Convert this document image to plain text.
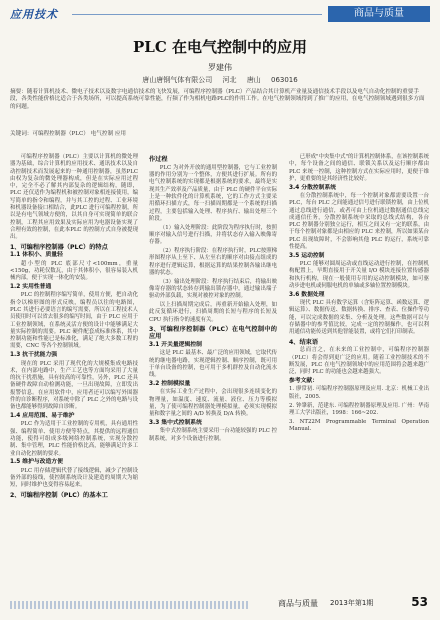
应用技术	商品与质量
PLC 在电气控制中的应用
罗建伟
唐山唐钢气体有限公司 河北 唐山 063016
摘要：随着计算机技术、微电子技术以及数字电通信技术的飞快发展，可编程序控制器（PLC）产品结合其计算机产业量及通信技术手段以及电气自动化控制的重要手段，各类性能价格比适合于各类场所，可以提高系统可靠性能，行频了作为相机电路PLC的作用工作。在电气控制领域得到了推广的应用，在电气控制领域遇到很多方面的问题。
关键词：可编程控制器（PLC） 电气控制 应用

可编程序控制器（PLC）主要以计算机的微处理器为基础，综合计算机的应用技术、通讯技术以及自动控制技术而发展起来的一种通用控制器，虽然PLC由权为复杂的微处理器构成，但是在实际应用过程中，完全不必了解其内部复杂的逻辑结构，随即，PLC 还仅适作为编程机和被控制对象相连接使用，编写简单的指令和编程，并与其工控的过程、工业环境和机器设备接口相结合，此PLC 进行可编程控制，所以是有电气领域方便的，以其自身可实现简单的联合控制，工程其应用效果及实际应用为电器设备实现了合理有效的控制，在此本PLC 的控制方式自身被提现出。

1、可编程序控制器（PLC）的特点
1.1 体积小、质量轻

超小型的 PLC 底部尺寸<100mm，重量<150g，功耗仅数瓦，由于其体积小，很容易装入机械内部，便于实现一体化的安装。

1.2 实用性普通

PLC 的控制程序编写简单，使用方便，把自动化指令以梯形图的形式反映，编程员以往的电路图，PLC 其进行必要语言的编写需要，所以在工程技术人员使用时可以省去很多的编写时间，由于 PLC 应用于工业控制领域，在系统灵活方便的设计中能够满足大量实际控制的需要。PLC 硬件配套成标准体系，其中控制功能和性能已是标准化，满足了绝大多数工程的需要，CNC 等各个控制领域。

1.3 抗干扰能力强

现在的 PLC 采用了现代化的大规模集成电路技术，在内部电路中，生产工艺也等方面均采用了大量的抗干扰措施，具有较高的可靠性，另外，PLC 还具备硬件故障自动检测功能，一旦出现故障，立即发出报警信息。在应用软件中，应用者还可以编写外围器件的自诊断程序，对系统中除了 PLC 之外的电路与设备也都能够得到故障自诊断。

1.4 应用范围、易于维护

PLC 作为适用于工业控制的专用机，具有通用性强、编程简单、使用方便等特点，其提供的远程通信功能，使得可组成多级网络控制系统，实现分散控制、集中管理，PLC 性能价格比高，能够满足许多工业自动化控制的要求。

1.5 维护与改造方便

PLC 用存储逻辑代替了接线逻辑，减少了控制设备外部的接线，使控制系统设计及建造的周期大为缩短，同时维护也变得容易起来。

2、可编程序控制（PLC）的基本工
作过程

PLC 为对外开放的通用型控制器，它与工业控制器的作用分别为一个整体，方便其进行扩展。所有的电气控制系统的实现都是根据系统的要求，最终是实现其生产效率及产品质量，由于 PLC 的硬件平台实际上是一种软件化的计算机系统，它的工作方式主要采用循环扫描方式，每一扫描周期都是一个系统的扫描过程，主要包括输入处理、程序执行、输出处理三个阶段。

（1）输入处理阶段：此阶段为程序执行时，按照顺序对输入信号进行扫描，并将状态存入输入映像寄存器。

（2）程序执行阶段：在程序执行时，PLC按照梯形图程序从上至下、从左至右的顺序对由接点组成的程序进行逻辑运算，根据运算的结果控制各输出继电器的状态。

（3）输出处理阶段：程序执行结束后，将输出映像寄存器的状态转存到输出锁存器中，通过输出端子驱动外部负载，实现对被控对象的控制。

以上扫描周期完成后，再重新开始输入处理，如此反复循环进行，扫描周期的长短与程序的长短及 CPU 执行指令的速度有关。

3、可编程序控制器（PLC）在电气控制中的应用
3.1 开关量逻辑控制

这是 PLC 最基本、最广泛的应用领域，它取代传统的继电器电路，实现逻辑控制、顺序控制，既可用于单台设备的控制，也可用于多机群控及自动化流水线。

3.2 控制模拟量

在实际工业生产过程中，会出现很多连续变化的物理量，如温度、速度、流量、液位、压力等模拟量，为了使可编程控制器处理模拟量，必须实现模拟量和数字量之间的 A/D 转换及 D/A 转换。

3.3 集中式控制系统

集中式控制系统主要采用一台功能较强的 PLC 控制系统，对多个设备进行控制。

已形成"中央集中式"的计算机控制体系，在该控制系统中，每个设备之间的通信、联锁关系以及运行顺序都由 PLC 来统一控制，这种控制方式在实际应用时，更便于维护，更重要的是其经济性比较好。

3.4 分散控制系统

在分散控制系统中，每一个控制对象都需要设置一台 PLC，每台 PLC 之间能通过信号进行联锁控制，由上位机通过总线进行通信，或者可由上位机通过数据通信总线完成通信任务，分散控制系统中采取的总线式结构，各台 PLC 控制器分别独立运行，相互之间又有一定的联系，由于每个控制对象都是由相应的 PLC 来控制，所以如果某台 PLC 出现故障时，不会影响其他 PLC 的运行，系统可靠性提高。

3.5 运动控制

PLC 能够对圆周运动或直线运动进行控制，在控制机构配置上，早期直接用于开关量 I/O 模块连接位置传感器和执行机构，现在一般使用专用的运动控制模块，如可驱动步进电机或伺服电机的单轴或多轴位置控制模块。

3.6 数据处理

现代 PLC 具有数学运算（含矩阵运算、函数运算、逻辑运算）、数据传送、数据转换、排序、查表、位操作等功能，可以完成数据的采集、分析及处理。这些数据可以与存储器中的参考值比较，完成一定的控制操作，也可以利用通信功能传送到其他智能装置，或将它们打印制表。

4、结束语

总而言之，在未来的工业控制中，可编程序控制器（PLC）将会得到更广泛的应用。随着工业控制技术的不断发展，PLC 在电气控制领域中的应用范围将会越来越广泛，同时 PLC 的功能也会越来越强大。

参考文献：

1. 廖常初. 可编程序控制器原理及应用. 北京：机械工业出版社，2005.

2. 钟肇新，范建东. 可编程控制器原理及应用. 广州：华南理工大学出版社，1998：166~202.

3. NT22M Programmable Terminal Operation Manual.

商品与质量 2013年第1期	53
